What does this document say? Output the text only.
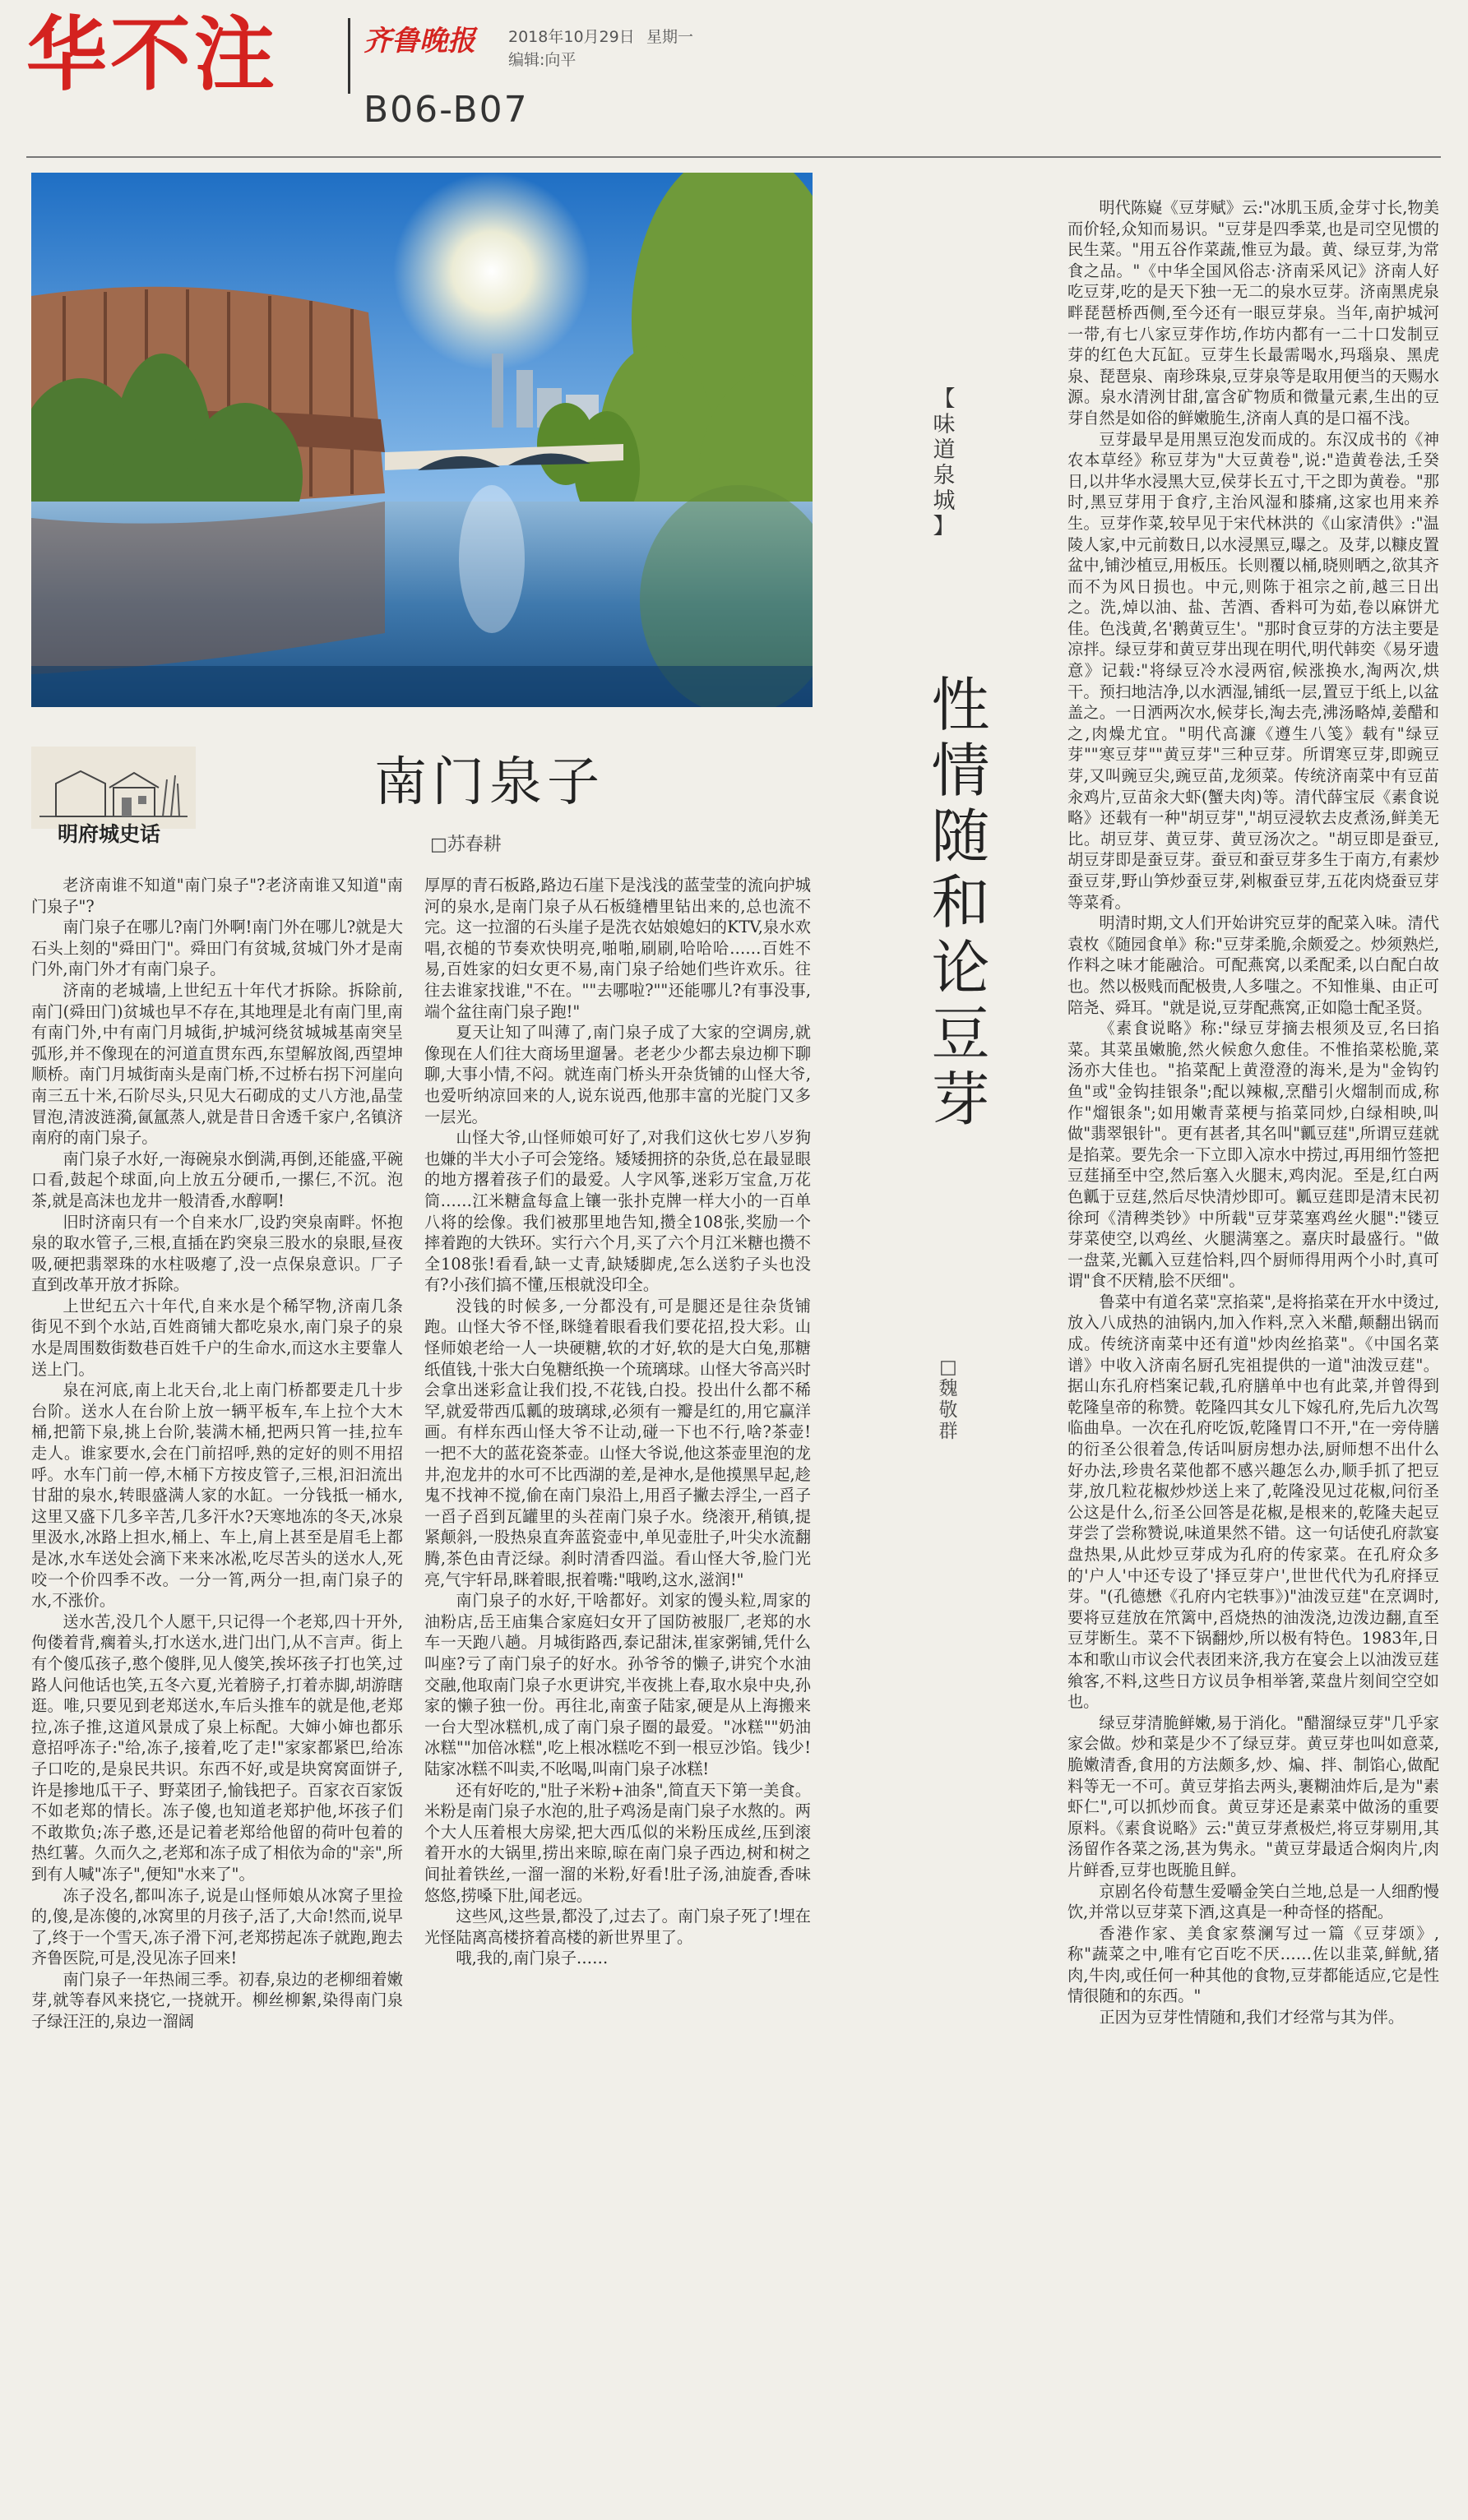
华不注	齐鲁晚报 2018年10月29日 星期一
编辑:向平
B06-B07
明府城史话
南门泉子
□苏春耕

老济南谁不知道"南门泉子"?老济南谁又知道"南门泉子"?

南门泉子在哪儿?南门外啊!南门外在哪儿?就是大石头上刻的"舜田门"。舜田门有贫城,贫城门外才是南门外,南门外才有南门泉子。

济南的老城墙,上世纪五十年代才拆除。拆除前,南门(舜田门)贫城也早不存在,其地理是北有南门里,南有南门外,中有南门月城街,护城河绕贫城城基南突呈弧形,并不像现在的河道直贯东西,东望解放阁,西望坤顺桥。南门月城街南头是南门桥,不过桥右拐下河崖向南三五十米,石阶尽头,只见大石砌成的丈八方池,晶莹冒泡,清波涟漪,氤氲蒸人,就是昔日舍透千家户,名镇济南府的南门泉子。

南门泉子水好,一海碗泉水倒满,再倒,还能盛,平碗口看,鼓起个球面,向上放五分硬币,一摞仨,不沉。泡茶,就是高沫也龙井一般清香,水醇啊!

旧时济南只有一个自来水厂,设趵突泉南畔。怀抱泉的取水管子,三根,直插在趵突泉三股水的泉眼,昼夜吸,硬把翡翠珠的水柱吸瘪了,没一点保泉意识。厂子直到改革开放才拆除。

上世纪五六十年代,自来水是个稀罕物,济南几条街见不到个水站,百姓商铺大都吃泉水,南门泉子的泉水是周围数街数巷百姓千户的生命水,而这水主要靠人送上门。

泉在河底,南上北天台,北上南门桥都要走几十步台阶。送水人在台阶上放一辆平板车,车上拉个大木桶,把箭下泉,挑上台阶,装满木桶,把两只筲一挂,拉车走人。谁家要水,会在门前招呼,熟的定好的则不用招呼。水车门前一停,木桶下方按皮管子,三根,汩汩流出甘甜的泉水,转眼盛满人家的水缸。一分钱抵一桶水,这里又盛下几多辛苦,几多汗水?天寒地冻的冬天,冰泉里汲水,冰路上担水,桶上、车上,肩上甚至是眉毛上都是冰,水车送处会滴下来来冰凇,吃尽苦头的送水人,死咬一个价四季不改。一分一筲,两分一担,南门泉子的水,不涨价。

送水苦,没几个人愿干,只记得一个老郑,四十开外,佝偻着背,瘸着头,打水送水,进门出门,从不言声。街上有个傻瓜孩子,憨个傻胖,见人傻笑,挨坏孩子打也笑,过路人问他话也笑,五冬六夏,光着膀子,打着赤脚,胡游瞎逛。唯,只要见到老郑送水,车后头推车的就是他,老郑拉,冻子推,这道风景成了泉上标配。大婶小婶也都乐意招呼冻子:"给,冻子,接着,吃了走!"家家都紧巴,给冻子口吃的,是泉民共识。东西不好,或是块窝窝面饼子,许是掺地瓜干子、野菜团子,愉钱把子。百家衣百家饭不如老郑的情长。冻子傻,也知道老郑护他,坏孩子们不敢欺负;冻子憨,还是记着老郑给他留的荷叶包着的热红薯。久而久之,老郑和冻子成了相依为命的"亲",所到有人喊"冻子",便知"水来了"。

冻子没名,都叫冻子,说是山怪师娘从冰窝子里捡的,傻,是冻傻的,冰窝里的月孩子,活了,大命!然而,说早了,终于一个雪天,冻子滑下河,老郑捞起冻子就跑,跑去齐鲁医院,可是,没见冻子回来!

南门泉子一年热闹三季。初春,泉边的老柳细着嫩芽,就等春风来挠它,一挠就开。柳丝柳絮,染得南门泉子绿汪汪的,泉边一溜阔

厚厚的青石板路,路边石崖下是浅浅的蓝莹莹的流向护城河的泉水,是南门泉子从石板缝槽里钻出来的,总也流不完。这一拉溜的石头崖子是洗衣姑娘媳妇的KTV,泉水欢唱,衣槌的节奏欢快明亮,啪啪,刷刷,哈哈哈……百姓不易,百姓家的妇女更不易,南门泉子给她们些许欢乐。往往去谁家找谁,"不在。""去哪啦?""还能哪儿?有事没事,端个盆往南门泉子跑!"

夏天让知了叫薄了,南门泉子成了大家的空调房,就像现在人们往大商场里遛暑。老老少少都去泉边柳下聊聊,大事小情,不闷。就连南门桥头开杂货铺的山怪大爷,也爱听纳凉回来的人,说东说西,他那丰富的光腚门又多一层光。

山怪大爷,山怪师娘可好了,对我们这伙七岁八岁狗也嫌的半大小子可会笼络。矮矮拥挤的杂货,总在最显眼的地方撂着孩子们的最爱。人字风筝,迷彩万宝盒,万花筒……江米糖盒每盒上镶一张扑克牌一样大小的一百单八将的绘像。我们被那里地告知,攒全108张,奖励一个摔着跑的大铁环。实行六个月,买了六个月江米糖也攒不全108张!看看,缺一丈青,缺矮脚虎,怎么送豹子头也没有?小孩们搞不懂,压根就没印全。

没钱的时候多,一分都没有,可是腿还是往杂货铺跑。山怪大爷不怪,眯缝着眼看我们要花招,投大彩。山怪师娘老给一人一块硬糖,软的才好,软的是大白兔,那糖纸值钱,十张大白兔糖纸换一个琉璃球。山怪大爷高兴时会拿出迷彩盒让我们投,不花钱,白投。投出什么都不稀罕,就爱带西瓜瓤的玻璃球,必须有一瓣是红的,用它赢洋画。有样东西山怪大爷不让动,碰一下也不行,啥?茶壶!一把不大的蓝花瓷茶壶。山怪大爷说,他这茶壶里泡的龙井,泡龙井的水可不比西湖的差,是神水,是他摸黑早起,趁鬼不找神不搅,偷在南门泉沿上,用舀子撇去浮尘,一舀子一舀子舀到瓦罐里的头茬南门泉子水。绕滚开,稍镇,提紧颠斜,一股热泉直奔蓝瓷壶中,单见壶肚子,叶尖水流翻腾,茶色由青泛绿。刹时清香四溢。看山怪大爷,脸门光亮,气宇轩昂,眯着眼,抿着嘴:"哦哟,这水,滋润!"

南门泉子的水好,干啥都好。刘家的馒头粒,周家的油粉店,岳王庙集合家庭妇女开了国防被服厂,老郑的水车一天跑八趟。月城街路西,泰记甜沫,崔家粥铺,凭什么叫座?亏了南门泉子的好水。孙爷爷的懒子,讲究个水油交融,他取南门泉子水更讲究,半夜挑上春,取水泉中央,孙家的懒子独一份。再往北,南蛮子陆家,硬是从上海搬来一台大型冰糕机,成了南门泉子圈的最爱。"冰糕""奶油冰糕""加倍冰糕",吃上根冰糕吃不到一根豆沙馅。钱少!陆家冰糕不叫卖,不吆喝,叫南门泉子冰糕!

还有好吃的,"肚子米粉+油条",简直天下第一美食。米粉是南门泉子水泡的,肚子鸡汤是南门泉子水熬的。两个大人压着根大房梁,把大西瓜似的米粉压成丝,压到滚着开水的大锅里,捞出来晾,晾在南门泉子西边,树和树之间扯着铁丝,一溜一溜的米粉,好看!肚子汤,油旋香,香味悠悠,捞嗓下肚,闻老远。

这些风,这些景,都没了,过去了。南门泉子死了!埋在光怪陆离高楼挤着高楼的新世界里了。

哦,我的,南门泉子……

【
味
道
泉
城
】
性
情
随
和
论
豆
芽
□
魏
敬
群

明代陈嶷《豆芽赋》云:"冰肌玉质,金芽寸长,物美而价轻,众知而易识。"豆芽是四季菜,也是司空见惯的民生菜。"用五谷作菜蔬,惟豆为最。黄、绿豆芽,为常食之品。"《中华全国风俗志·济南采风记》济南人好吃豆芽,吃的是天下独一无二的泉水豆芽。济南黑虎泉畔琵琶桥西侧,至今还有一眼豆芽泉。当年,南护城河一带,有七八家豆芽作坊,作坊内都有一二十口发制豆芽的红色大瓦缸。豆芽生长最需喝水,玛瑙泉、黑虎泉、琵琶泉、南珍珠泉,豆芽泉等是取用便当的天赐水源。泉水清洌甘甜,富含矿物质和微量元素,生出的豆芽自然是如俗的鲜嫩脆生,济南人真的是口福不浅。

豆芽最早是用黑豆泡发而成的。东汉成书的《神农本草经》称豆芽为"大豆黄卷",说:"造黄卷法,壬癸日,以井华水浸黑大豆,侯芽长五寸,干之即为黄卷。"那时,黑豆芽用于食疗,主治风湿和膝痛,这家也用来养生。豆芽作菜,较早见于宋代林洪的《山家清供》:"温陵人家,中元前数日,以水浸黑豆,曝之。及芽,以糠皮置盆中,铺沙植豆,用板压。长则覆以桶,晓则晒之,欲其齐而不为风日损也。中元,则陈于祖宗之前,越三日出之。洗,焯以油、盐、苦酒、香料可为茹,卷以麻饼尤佳。色浅黄,名'鹅黄豆生'。"那时食豆芽的方法主要是凉拌。绿豆芽和黄豆芽出现在明代,明代韩奕《易牙遗意》记载:"将绿豆冷水浸两宿,候涨换水,淘两次,烘干。预扫地洁净,以水洒湿,铺纸一层,置豆于纸上,以盆盖之。一日洒两次水,候芽长,淘去壳,沸汤略焯,姜醋和之,肉燥尤宜。"明代高濂《遵生八笺》载有"绿豆芽""寒豆芽""黄豆芽"三种豆芽。所谓寒豆芽,即豌豆芽,又叫豌豆尖,豌豆苗,龙须菜。传统济南菜中有豆苗汆鸡片,豆苗汆大虾(蟹夫肉)等。清代薛宝辰《素食说略》还载有一种"胡豆芽","胡豆浸软去皮煮汤,鲜美无比。胡豆芽、黄豆芽、黄豆汤次之。"胡豆即是蚕豆,胡豆芽即是蚕豆芽。蚕豆和蚕豆芽多生于南方,有素炒蚕豆芽,野山笋炒蚕豆芽,剁椒蚕豆芽,五花肉烧蚕豆芽等菜肴。

明清时期,文人们开始讲究豆芽的配菜入味。清代袁枚《随园食单》称:"豆芽柔脆,余颇爱之。炒须熟烂,作料之味才能融洽。可配燕窝,以柔配柔,以白配白故也。然以极贱而配极贵,人多嗤之。不知惟巢、由正可陪尧、舜耳。"就是说,豆芽配燕窝,正如隐士配圣贤。

《素食说略》称:"绿豆芽摘去根须及豆,名曰掐菜。其菜虽嫩脆,然火候愈久愈佳。不惟掐菜松脆,菜汤亦大佳也。"掐菜配上黄澄澄的海米,是为"金钩钓鱼"或"金钩挂银条";配以辣椒,烹醋引火熘制而成,称作"熘银条";如用嫩青菜梗与掐菜同炒,白绿相映,叫做"翡翠银针"。更有甚者,其名叫"瓤豆莛",所谓豆莛就是掐菜。要先余一下立即入凉水中捞过,再用细竹签把豆莛捅至中空,然后塞入火腿末,鸡肉泥。至是,红白两色瓤于豆莛,然后尽快清炒即可。瓤豆莛即是清末民初徐珂《清稗类钞》中所载"豆芽菜塞鸡丝火腿":"镂豆芽菜使空,以鸡丝、火腿满塞之。嘉庆时最盛行。"做一盘菜,光瓤入豆莛恰料,四个厨师得用两个小时,真可谓"食不厌精,脍不厌细"。

鲁菜中有道名菜"烹掐菜",是将掐菜在开水中烫过,放入八成热的油锅内,加入作料,烹入米醋,颠翻出锅而成。传统济南菜中还有道"炒肉丝掐菜"。《中国名菜谱》中收入济南名厨孔宪祖提供的一道"油泼豆莛"。据山东孔府档案记载,孔府膳单中也有此菜,并曾得到乾隆皇帝的称赞。乾隆四其女儿下嫁孔府,先后九次驾临曲阜。一次在孔府吃饭,乾隆胃口不开,"在一旁侍膳的衍圣公很着急,传话叫厨房想办法,厨师想不出什么好办法,珍贵名菜他都不感兴趣怎么办,顺手抓了把豆芽,放几粒花椒炒炒送上来了,乾隆没见过花椒,问衍圣公这是什么,衍圣公回答是花椒,是根来的,乾隆夫起豆芽尝了尝称赞说,味道果然不错。这一句话使孔府款宴盘热果,从此炒豆芽成为孔府的传家菜。在孔府众多的'户人'中还专设了'择豆芽户',世世代代为孔府择豆芽。"(孔德懋《孔府内宅轶事》)"油泼豆莛"在烹调时,要将豆莛放在笊篱中,舀烧热的油泼浇,边泼边翻,直至豆芽断生。菜不下锅翻炒,所以极有特色。1983年,日本和歌山市议会代表团来济,我方在宴会上以油泼豆莛飨客,不料,这些日方议员争相举箸,菜盘片刻间空空如也。

绿豆芽清脆鲜嫩,易于消化。"醋溜绿豆芽"几乎家家会做。炒和菜是少不了绿豆芽。黄豆芽也叫如意菜,脆嫩清香,食用的方法颇多,炒、煸、拌、制馅心,做配料等无一不可。黄豆芽掐去两头,裹糊油炸后,是为"素虾仁",可以抓炒而食。黄豆芽还是素菜中做汤的重要原料。《素食说略》云:"黄豆芽煮极烂,将豆芽剔用,其汤留作各菜之汤,甚为隽永。"黄豆芽最适合焖肉片,肉片鲜香,豆芽也既脆且鲜。

京剧名伶荀慧生爱嚼金笑白兰地,总是一人细酌慢饮,并常以豆芽菜下酒,这真是一种奇怪的搭配。

香港作家、美食家蔡澜写过一篇《豆芽颂》,称"蔬菜之中,唯有它百吃不厌……佐以韭菜,鲜鱿,猪肉,牛肉,或任何一种其他的食物,豆芽都能适应,它是性情很随和的东西。"

正因为豆芽性情随和,我们才经常与其为伴。
